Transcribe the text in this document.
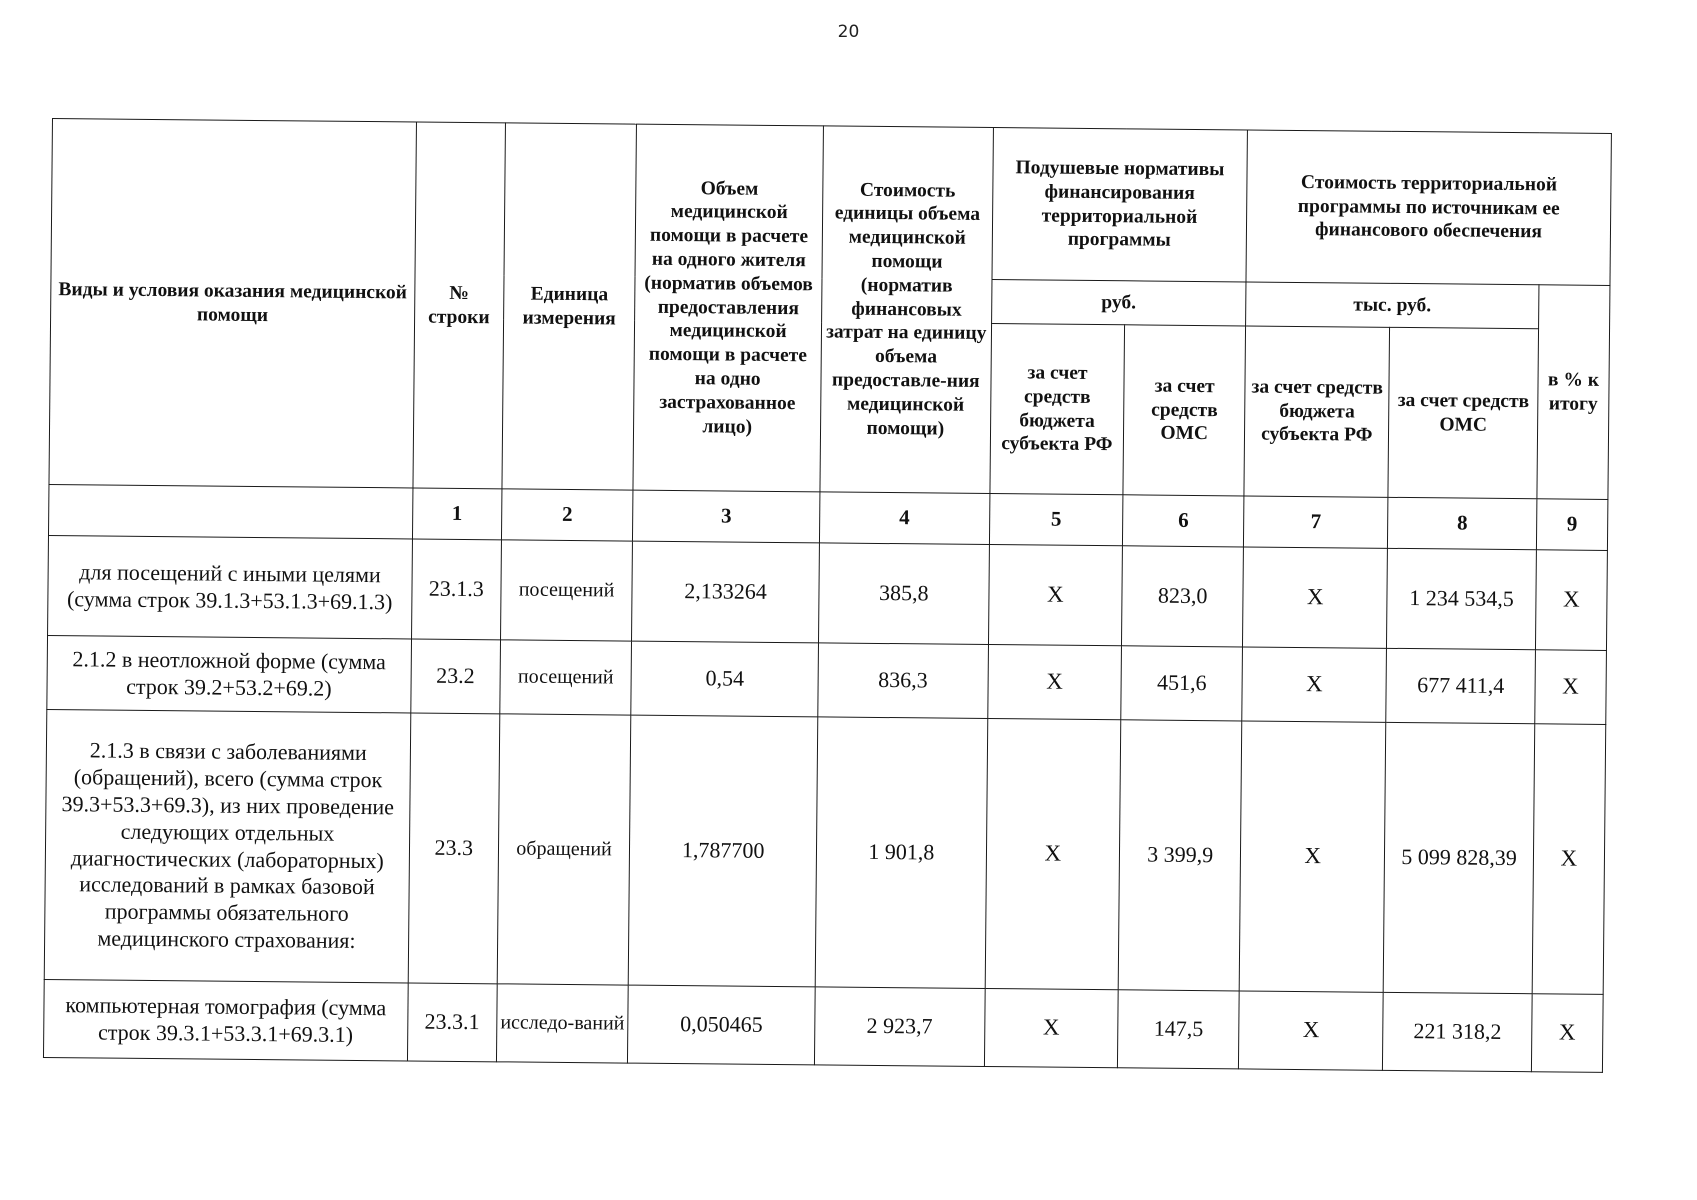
20
Виды и условия оказания медицинской помощи	№ строки	Единица измерения	Объем медицинской помощи в расчете на одного жителя (норматив объемов предоставления медицинской помощи в расчете на одно застрахованное лицо)	Стоимость единицы объема медицинской помощи (норматив финансовых затрат на единицу объема предоставле-ния медицинской помощи)	Подушевые нормативы финансирования территориальной программы		Стоимость территориальной программы по источникам ее финансового обеспечения		
					руб.		тыс. руб.		в % к итогу
					за счет средств бюджета субъекта РФ	за счет средств ОМС	за счет средств бюджета субъекта РФ	за счет средств ОМС	
	1	2	3	4	5	6	7	8	9
для посещений с иными целями (сумма строк 39.1.3+53.1.3+69.1.3)	23.1.3	посещений	2,133264	385,8	X	823,0	X	1 234 534,5	X
2.1.2 в неотложной форме (сумма строк 39.2+53.2+69.2)	23.2	посещений	0,54	836,3	X	451,6	X	677 411,4	X
2.1.3 в связи с заболеваниями (обращений), всего (сумма строк 39.3+53.3+69.3), из них проведение следующих отдельных диагностических (лабораторных) исследований в рамках базовой программы обязательного медицинского страхования:	23.3	обращений	1,787700	1 901,8	X	3 399,9	X	5 099 828,39	X
компьютерная томография (сумма строк 39.3.1+53.3.1+69.3.1)	23.3.1	исследо-ваний	0,050465	2 923,7	X	147,5	X	221 318,2	X
